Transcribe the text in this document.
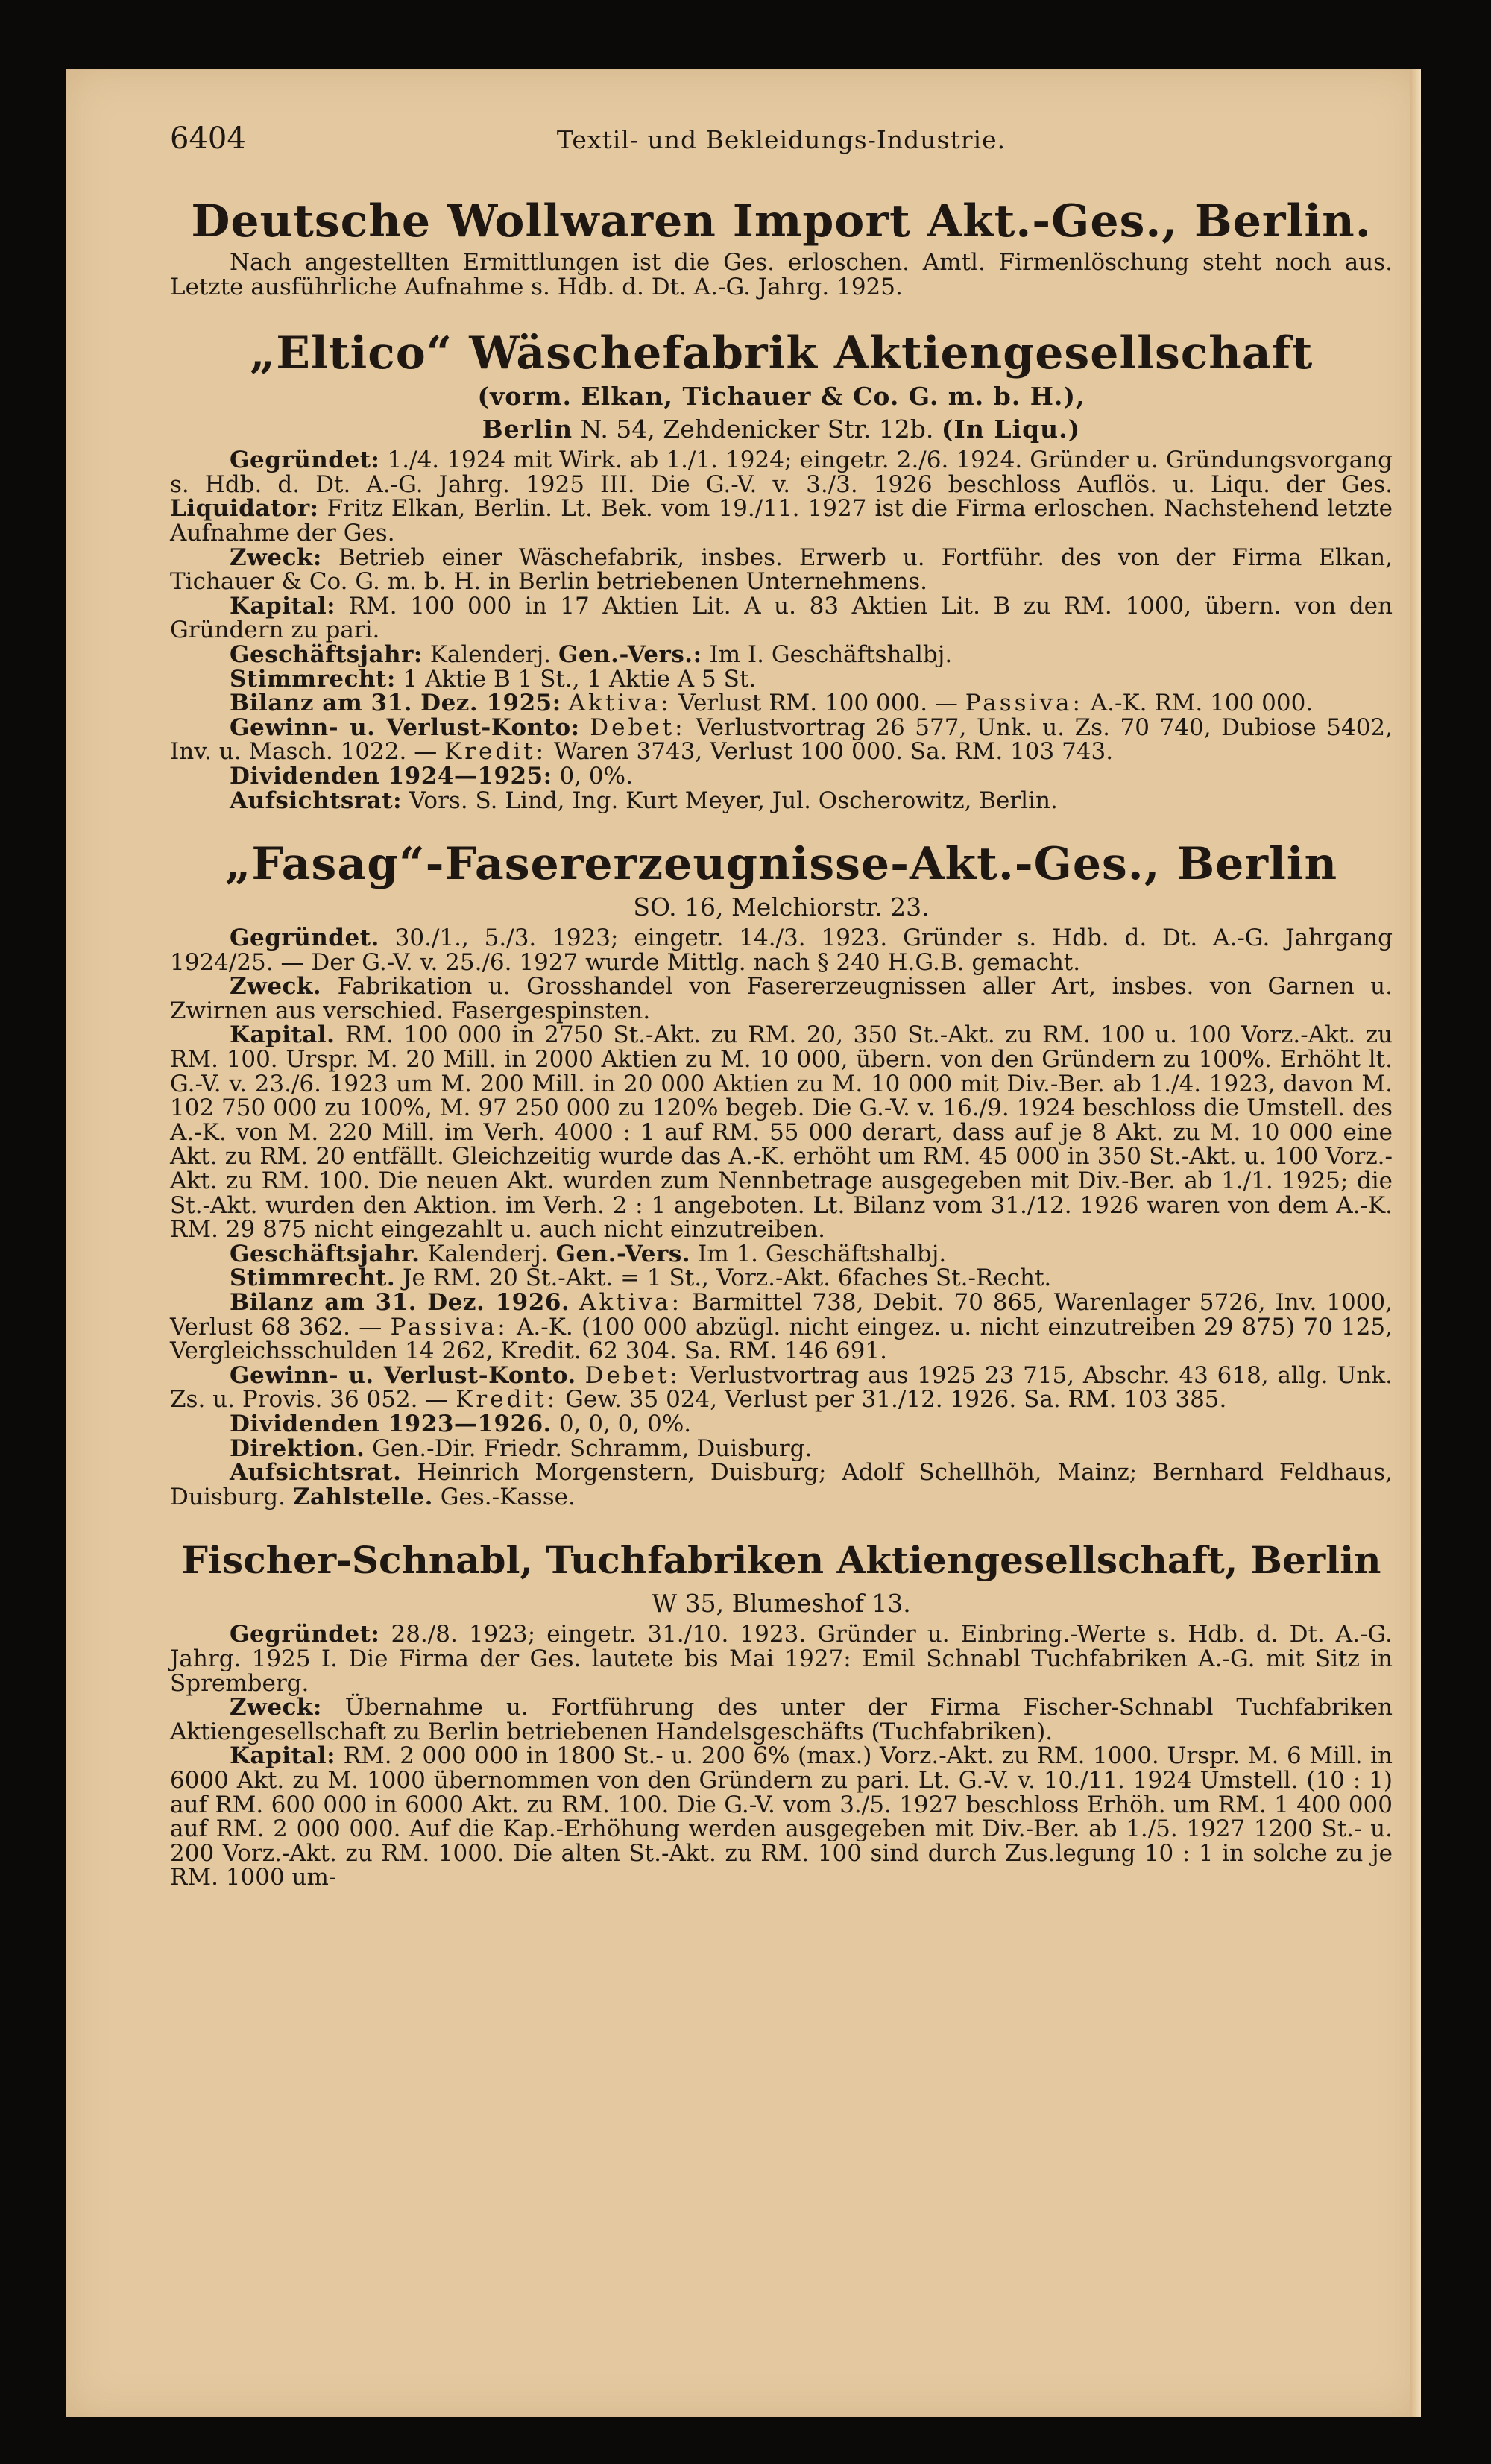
6404	Textil- und Bekleidungs-Industrie.
Deutsche Wollwaren Import Akt.-Ges., Berlin.

Nach angestellten Ermittlungen ist die Ges. erloschen. Amtl. Firmenlöschung steht noch aus. Letzte ausführliche Aufnahme s. Hdb. d. Dt. A.-G. Jahrg. 1925.

„Eltico“ Wäschefabrik Aktiengesellschaft
(vorm. Elkan, Tichauer & Co. G. m. b. H.),
Berlin N. 54, Zehdenicker Str. 12b. (In Liqu.)

Gegründet: 1./4. 1924 mit Wirk. ab 1./1. 1924; eingetr. 2./6. 1924. Gründer u. Gründungsvorgang s. Hdb. d. Dt. A.-G. Jahrg. 1925 III. Die G.-V. v. 3./3. 1926 beschloss Auflös. u. Liqu. der Ges. Liquidator: Fritz Elkan, Berlin. Lt. Bek. vom 19./11. 1927 ist die Firma erloschen. Nachstehend letzte Aufnahme der Ges.

Zweck: Betrieb einer Wäschefabrik, insbes. Erwerb u. Fortführ. des von der Firma Elkan, Tichauer & Co. G. m. b. H. in Berlin betriebenen Unternehmens.

Kapital: RM. 100 000 in 17 Aktien Lit. A u. 83 Aktien Lit. B zu RM. 1000, übern. von den Gründern zu pari.

Geschäftsjahr: Kalenderj. Gen.-Vers.: Im I. Geschäftshalbj.

Stimmrecht: 1 Aktie B 1 St., 1 Aktie A 5 St.

Bilanz am 31. Dez. 1925: Aktiva: Verlust RM. 100 000. — Passiva: A.-K. RM. 100 000.

Gewinn- u. Verlust-Konto: Debet: Verlustvortrag 26 577, Unk. u. Zs. 70 740, Dubiose 5402, Inv. u. Masch. 1022. — Kredit: Waren 3743, Verlust 100 000. Sa. RM. 103 743.

Dividenden 1924—1925: 0, 0%.

Aufsichtsrat: Vors. S. Lind, Ing. Kurt Meyer, Jul. Oscherowitz, Berlin.

„Fasag“-Fasererzeugnisse-Akt.-Ges., Berlin
SO. 16, Melchiorstr. 23.

Gegründet. 30./1., 5./3. 1923; eingetr. 14./3. 1923. Gründer s. Hdb. d. Dt. A.-G. Jahrgang 1924/25. — Der G.-V. v. 25./6. 1927 wurde Mittlg. nach § 240 H.G.B. gemacht.

Zweck. Fabrikation u. Grosshandel von Fasererzeugnissen aller Art, insbes. von Garnen u. Zwirnen aus verschied. Fasergespinsten.

Kapital. RM. 100 000 in 2750 St.-Akt. zu RM. 20, 350 St.-Akt. zu RM. 100 u. 100 Vorz.-Akt. zu RM. 100. Urspr. M. 20 Mill. in 2000 Aktien zu M. 10 000, übern. von den Gründern zu 100%. Erhöht lt. G.-V. v. 23./6. 1923 um M. 200 Mill. in 20 000 Aktien zu M. 10 000 mit Div.-Ber. ab 1./4. 1923, davon M. 102 750 000 zu 100%, M. 97 250 000 zu 120% begeb. Die G.-V. v. 16./9. 1924 beschloss die Umstell. des A.-K. von M. 220 Mill. im Verh. 4000 : 1 auf RM. 55 000 derart, dass auf je 8 Akt. zu M. 10 000 eine Akt. zu RM. 20 entfällt. Gleichzeitig wurde das A.-K. erhöht um RM. 45 000 in 350 St.-Akt. u. 100 Vorz.-Akt. zu RM. 100. Die neuen Akt. wurden zum Nennbetrage ausgegeben mit Div.-Ber. ab 1./1. 1925; die St.-Akt. wurden den Aktion. im Verh. 2 : 1 angeboten. Lt. Bilanz vom 31./12. 1926 waren von dem A.-K. RM. 29 875 nicht eingezahlt u. auch nicht einzutreiben.

Geschäftsjahr. Kalenderj. Gen.-Vers. Im 1. Geschäftshalbj.

Stimmrecht. Je RM. 20 St.-Akt. = 1 St., Vorz.-Akt. 6faches St.-Recht.

Bilanz am 31. Dez. 1926. Aktiva: Barmittel 738, Debit. 70 865, Warenlager 5726, Inv. 1000, Verlust 68 362. — Passiva: A.-K. (100 000 abzügl. nicht eingez. u. nicht einzutreiben 29 875) 70 125, Vergleichsschulden 14 262, Kredit. 62 304. Sa. RM. 146 691.

Gewinn- u. Verlust-Konto. Debet: Verlustvortrag aus 1925 23 715, Abschr. 43 618, allg. Unk. Zs. u. Provis. 36 052. — Kredit: Gew. 35 024, Verlust per 31./12. 1926. Sa. RM. 103 385.

Dividenden 1923—1926. 0, 0, 0, 0%.

Direktion. Gen.-Dir. Friedr. Schramm, Duisburg.

Aufsichtsrat. Heinrich Morgenstern, Duisburg; Adolf Schellhöh, Mainz; Bernhard Feldhaus, Duisburg. Zahlstelle. Ges.-Kasse.

Fischer-Schnabl, Tuchfabriken Aktiengesellschaft, Berlin
W 35, Blumeshof 13.

Gegründet: 28./8. 1923; eingetr. 31./10. 1923. Gründer u. Einbring.-Werte s. Hdb. d. Dt. A.-G. Jahrg. 1925 I. Die Firma der Ges. lautete bis Mai 1927: Emil Schnabl Tuchfabriken A.-G. mit Sitz in Spremberg.

Zweck: Übernahme u. Fortführung des unter der Firma Fischer-Schnabl Tuchfabriken Aktiengesellschaft zu Berlin betriebenen Handelsgeschäfts (Tuchfabriken).

Kapital: RM. 2 000 000 in 1800 St.- u. 200 6% (max.) Vorz.-Akt. zu RM. 1000. Urspr. M. 6 Mill. in 6000 Akt. zu M. 1000 übernommen von den Gründern zu pari. Lt. G.-V. v. 10./11. 1924 Umstell. (10 : 1) auf RM. 600 000 in 6000 Akt. zu RM. 100. Die G.-V. vom 3./5. 1927 beschloss Erhöh. um RM. 1 400 000 auf RM. 2 000 000. Auf die Kap.-Erhöhung werden ausgegeben mit Div.-Ber. ab 1./5. 1927 1200 St.- u. 200 Vorz.-Akt. zu RM. 1000. Die alten St.-Akt. zu RM. 100 sind durch Zus.legung 10 : 1 in solche zu je RM. 1000 um-
